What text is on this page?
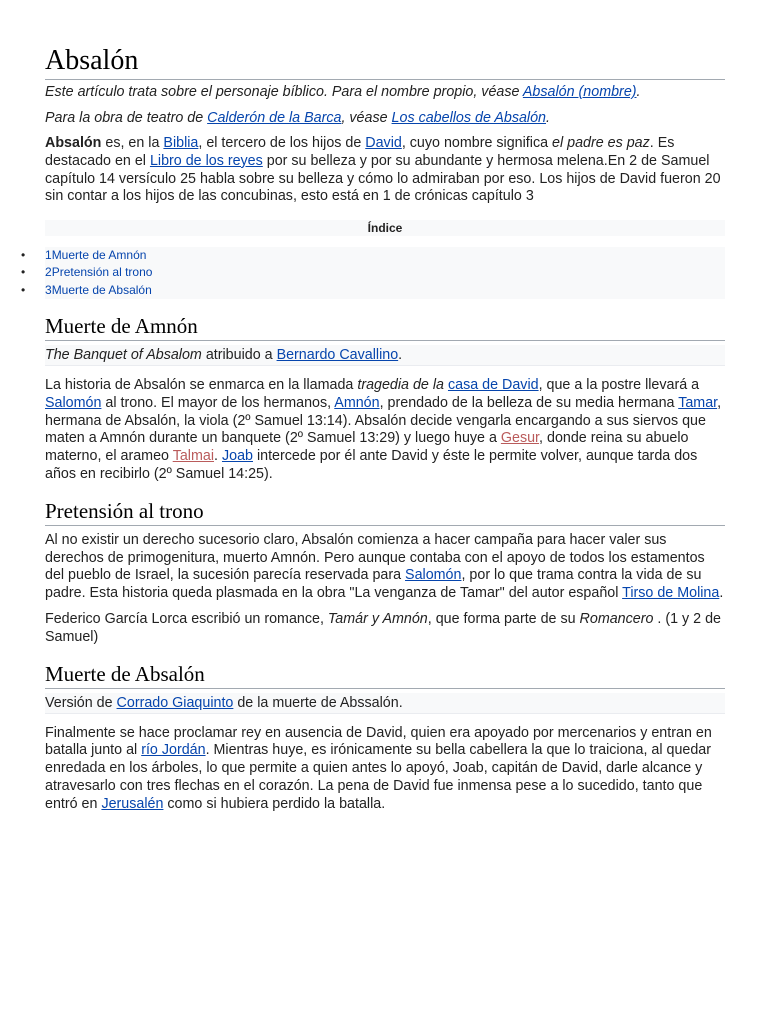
Absalón

Este artículo trata sobre el personaje bíblico. Para el nombre propio, véase Absalón (nombre).

Para la obra de teatro de Calderón de la Barca, véase Los cabellos de Absalón.

Absalón es, en la Biblia, el tercero de los hijos de David, cuyo nombre significa el padre es paz. Es destacado en el Libro de los reyes por su belleza y por su abundante y hermosa melena.En 2 de Samuel capítulo 14 versículo 25 habla sobre su belleza y cómo lo admiraban por eso. Los hijos de David fueron 20 sin contar a los hijos de las concubinas, esto está en 1 de crónicas capítulo 3

Índice
• 1Muerte de Amnón
• 2Pretensión al trono
• 3Muerte de Absalón
Muerte de Amnón

The Banquet of Absalom atribuido a Bernardo Cavallino.

La historia de Absalón se enmarca en la llamada tragedia de la casa de David, que a la postre llevará a Salomón al trono. El mayor de los hermanos, Amnón, prendado de la belleza de su media hermana Tamar, hermana de Absalón, la viola (2º Samuel 13:14). Absalón decide vengarla encargando a sus siervos que maten a Amnón durante un banquete (2º Samuel 13:29) y luego huye a Gesur, donde reina su abuelo materno, el arameo Talmai. Joab intercede por él ante David y éste le permite volver, aunque tarda dos años en recibirlo (2º Samuel 14:25).

Pretensión al trono

Al no existir un derecho sucesorio claro, Absalón comienza a hacer campaña para hacer valer sus derechos de primogenitura, muerto Amnón. Pero aunque contaba con el apoyo de todos los estamentos del pueblo de Israel, la sucesión parecía reservada para Salomón, por lo que trama contra la vida de su padre. Esta historia queda plasmada en la obra "La venganza de Tamar" del autor español Tirso de Molina.

Federico García Lorca escribió un romance, Tamár y Amnón, que forma parte de su Romancero . (1 y 2 de Samuel)

Muerte de Absalón

Versión de Corrado Giaquinto de la muerte de Abssalón.

Finalmente se hace proclamar rey en ausencia de David, quien era apoyado por mercenarios y entran en batalla junto al río Jordán. Mientras huye, es irónicamente su bella cabellera la que lo traiciona, al quedar enredada en los árboles, lo que permite a quien antes lo apoyó, Joab, capitán de David, darle alcance y atravesarlo con tres flechas en el corazón. La pena de David fue inmensa pese a lo sucedido, tanto que entró en Jerusalén como si hubiera perdido la batalla.
